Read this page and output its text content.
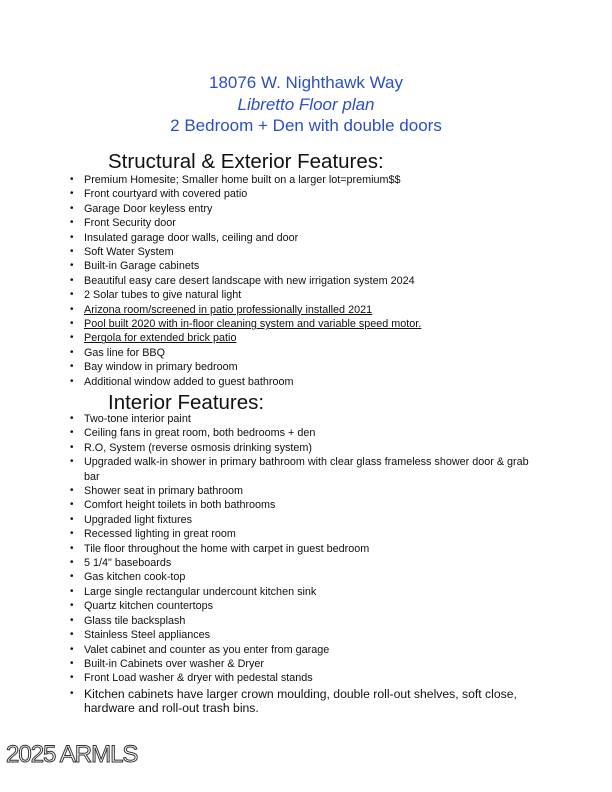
18076 W. Nighthawk Way
Libretto Floor plan
2 Bedroom + Den with double doors
Structural & Exterior Features:
• Premium Homesite; Smaller home built on a larger lot=premium$$
• Front courtyard with covered patio
• Garage Door keyless entry
• Front Security door
• Insulated garage door walls, ceiling and door
• Soft Water System
• Built-in Garage cabinets
• Beautiful easy care desert landscape with new irrigation system 2024
• 2 Solar tubes to give natural light
• Arizona room/screened in patio professionally installed 2021
• Pool built 2020 with in-floor cleaning system and variable speed motor.
• Pergola for extended brick patio
• Gas line for BBQ
• Bay window in primary bedroom
• Additional window added to guest bathroom
Interior Features:
• Two-tone interior paint
• Ceiling fans in great room, both bedrooms + den
• R.O, System (reverse osmosis drinking system)
• Upgraded walk-in shower in primary bathroom with clear glass frameless shower door & grab bar
• Shower seat in primary bathroom
• Comfort height toilets in both bathrooms
• Upgraded light fixtures
• Recessed lighting in great room
• Tile floor throughout the home with carpet in guest bedroom
• 5 1/4" baseboards
• Gas kitchen cook-top
• Large single rectangular undercount kitchen sink
• Quartz kitchen countertops
• Glass tile backsplash
• Stainless Steel appliances
• Valet cabinet and counter as you enter from garage
• Built-in Cabinets over washer & Dryer
• Front Load washer & dryer with pedestal stands
• Kitchen cabinets have larger crown moulding, double roll-out shelves, soft close, hardware and roll-out trash bins.
2025 ARMLS
